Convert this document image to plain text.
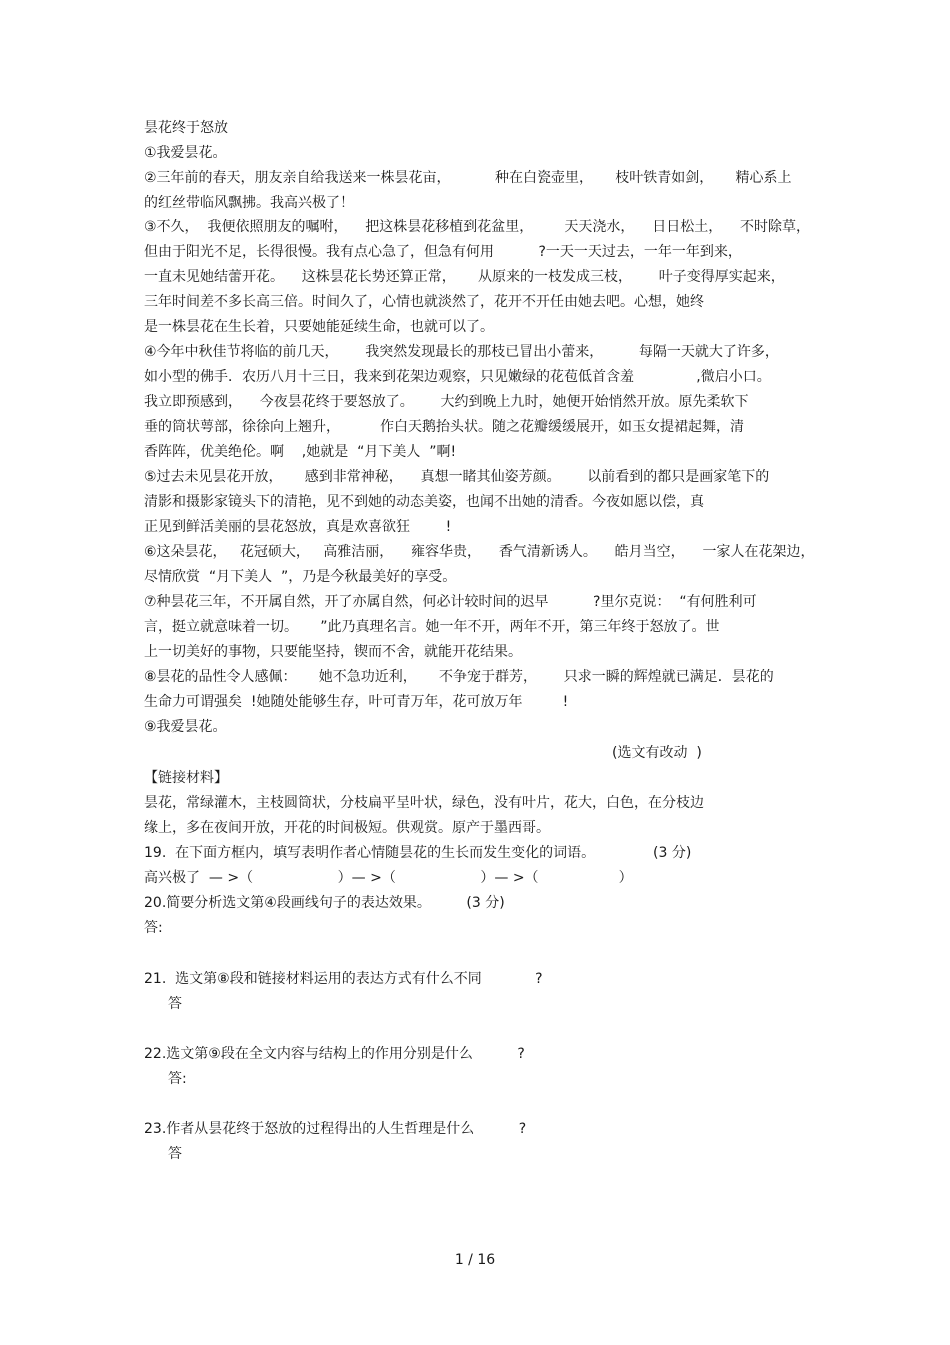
昙花终于怒放
①我爱昙花。
②三年前的春天，朋友亲自给我送来一株昙花亩，          种在白瓷壶里，     枝叶铁青如剑，     精心系上
的红丝带临风飘拂。我高兴极了！
③不久，  我便依照朋友的嘱咐，    把这株昙花移植到花盆里，       天天浇水，    日日松土，    不时除草，
但由于阳光不足，长得很慢。我有点心急了，但急有何用          ?一天一天过去，一年一年到来，
一直未见她结蕾开花。    这株昙花长势还算正常，     从原来的一枝发成三枝，      叶子变得厚实起来，
三年时间差不多长高三倍。时间久了，心情也就淡然了，花开不开任由她去吧。心想，她终
是一株昙花在生长着，只要她能延续生命，也就可以了。
④今年中秋佳节将临的前几天，      我突然发现最长的那枝已冒出小蕾来，        每隔一天就大了许多，
如小型的佛手．农历八月十三日，我来到花架边观察，只见嫩绿的花苞低首含羞              ,微启小口。
我立即预感到，    今夜昙花终于要怒放了。      大约到晚上九时，她便开始悄然开放。原先柔软下
垂的筒状萼部，徐徐向上翘升，         作白天鹅抬头状。随之花瓣缓缓展开，如玉女提裙起舞，清
香阵阵，优美绝伦。啊    ,她就是  “月下美人  ”啊!
⑤过去未见昙花开放，     感到非常神秘，    真想一睹其仙姿芳颜。      以前看到的都只是画家笔下的
清影和摄影家镜头下的清艳，见不到她的动态美姿，也闻不出她的清香。今夜如愿以偿，真
正见到鲜活美丽的昙花怒放，真是欢喜欲狂        !
⑥这朵昙花，   花冠硕大，   高雅洁丽，    雍容华贵，    香气清新诱人。    皓月当空，    一家人在花架边，
尽情欣赏  “月下美人  ”，乃是今秋最美好的享受。
⑦种昙花三年，不开属自然，开了亦属自然，何必计较时间的迟早          ?里尔克说：  “有何胜利可
言，挺立就意味着一切。     ”此乃真理名言。她一年不开，两年不开，第三年终于怒放了。世
上一切美好的事物，只要能坚持，锲而不舍，就能开花结果。
⑧昙花的品性令人感佩：     她不急功近利，     不争宠于群芳，      只求一瞬的辉煌就已满足．昙花的
生命力可谓强矣  !她随处能够生存，叶可青万年，花可放万年         !
⑨我爱昙花。
(选文有改动  )
【链接材料】
昙花，常绿灌木，主枝圆筒状，分枝扁平呈叶状，绿色，没有叶片，花大，白色，在分枝边
缘上，多在夜间开放，开花的时间极短。供观赏。原产于墨西哥。
19.  在下面方框内，填写表明作者心情随昙花的生长而发生变化的词语。             (3 分)
高兴极了  — >（                   ）— >（                   ）— >（                  ）
20.简要分析选文第④段画线句子的表达效果。        (3 分)
答:
21.  选文第⑧段和链接材料运用的表达方式有什么不同            ?
答
22.选文第⑨段在全文内容与结构上的作用分别是什么          ?
答:
23.作者从昙花终于怒放的过程得出的人生哲理是什么          ?
答
1 / 16
